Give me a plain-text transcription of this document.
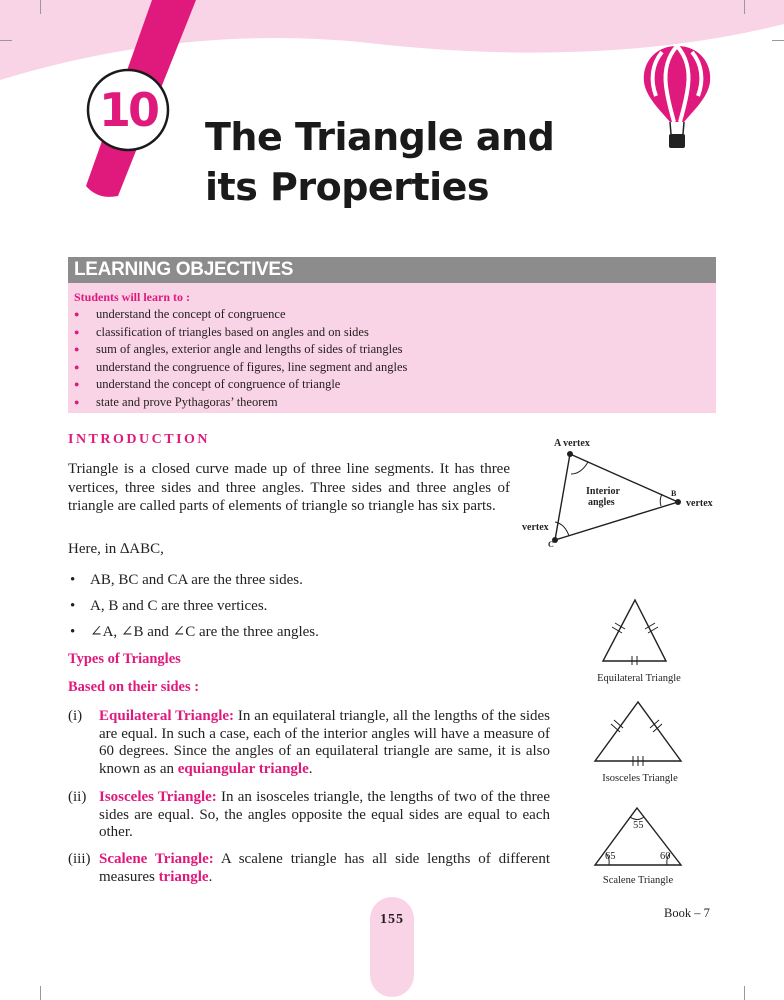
10 The Triangle and
its Properties
LEARNING OBJECTIVES
Students will learn to :
● understand the concept of congruence
● classification of triangles based on angles and on sides
● sum of angles, exterior angle and lengths of sides of triangles
● understand the congruence of figures, line segment and angles
● understand the concept of congruence of triangle
● state and prove Pythagoras’ theorem
INTRODUCTION

Triangle is a closed curve made up of three line segments. It has three vertices, three sides and three angles. Three sides and three angles of triangle are called parts of elements of triangle so triangle has six parts.

Here, in ∆ABC,
• AB, BC and CA are the three sides.
• A, B and C are three vertices.
• ∠A, ∠B and ∠C are the three angles.
Types of Triangles
Based on their sides :
(i) Equilateral Triangle: In an equilateral triangle, all the lengths of the sides are equal. In such a case, each of the interior angles will have a measure of 60 degrees. Since the angles of an equilateral triangle are same, it is also known as an equiangular triangle.
(ii) Isosceles Triangle: In an isosceles triangle, the lengths of two of the three sides are equal. So, the angles opposite the equal sides are equal to each other.
(iii) Scalene Triangle: A scalene triangle has all side lengths of different measures triangle.
A vertex
Interior
angles
B
vertex
vertex
C
Equilateral Triangle
Isosceles Triangle
55
65	60
Scalene Triangle
155	Book – 7
